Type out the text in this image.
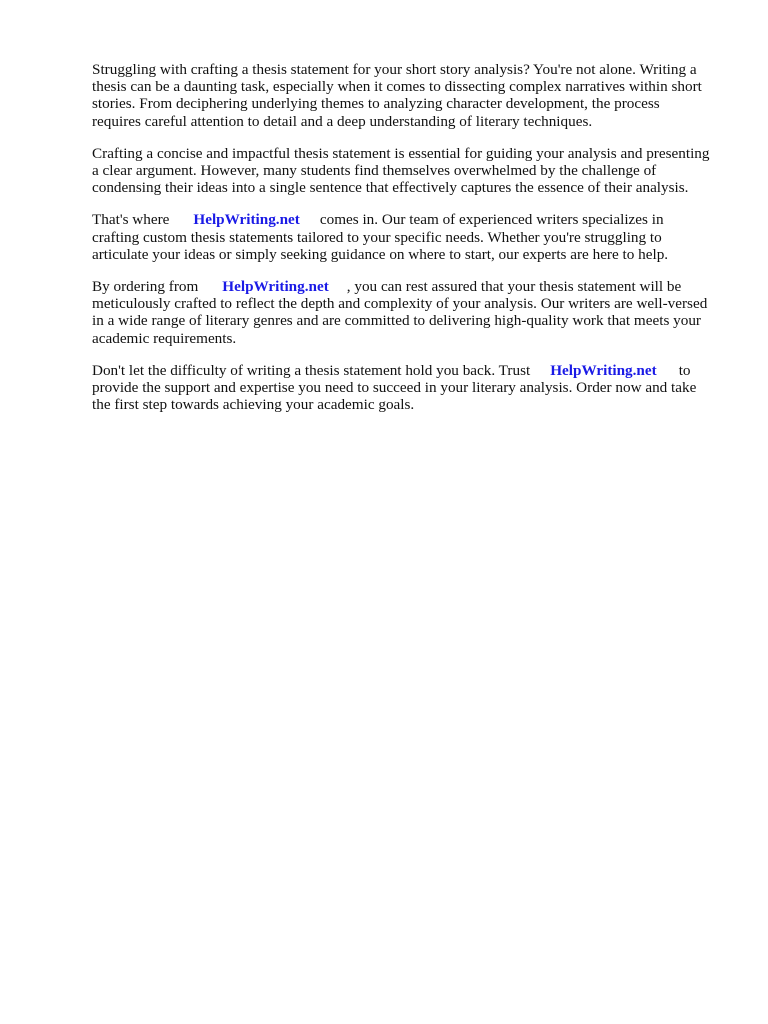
Struggling with crafting a thesis statement for your short story analysis? You're not alone. Writing a
thesis can be a daunting task, especially when it comes to dissecting complex narratives within short
stories. From deciphering underlying themes to analyzing character development, the process
requires careful attention to detail and a deep understanding of literary techniques.

Crafting a concise and impactful thesis statement is essential for guiding your analysis and presenting
a clear argument. However, many students find themselves overwhelmed by the challenge of
condensing their ideas into a single sentence that effectively captures the essence of their analysis.

That's where HelpWriting.net comes in. Our team of experienced writers specializes in
crafting custom thesis statements tailored to your specific needs. Whether you're struggling to
articulate your ideas or simply seeking guidance on where to start, our experts are here to help.

By ordering from HelpWriting.net , you can rest assured that your thesis statement will be
meticulously crafted to reflect the depth and complexity of your analysis. Our writers are well-versed
in a wide range of literary genres and are committed to delivering high-quality work that meets your
academic requirements.

Don't let the difficulty of writing a thesis statement hold you back. Trust HelpWriting.net to
provide the support and expertise you need to succeed in your literary analysis. Order now and take
the first step towards achieving your academic goals.
